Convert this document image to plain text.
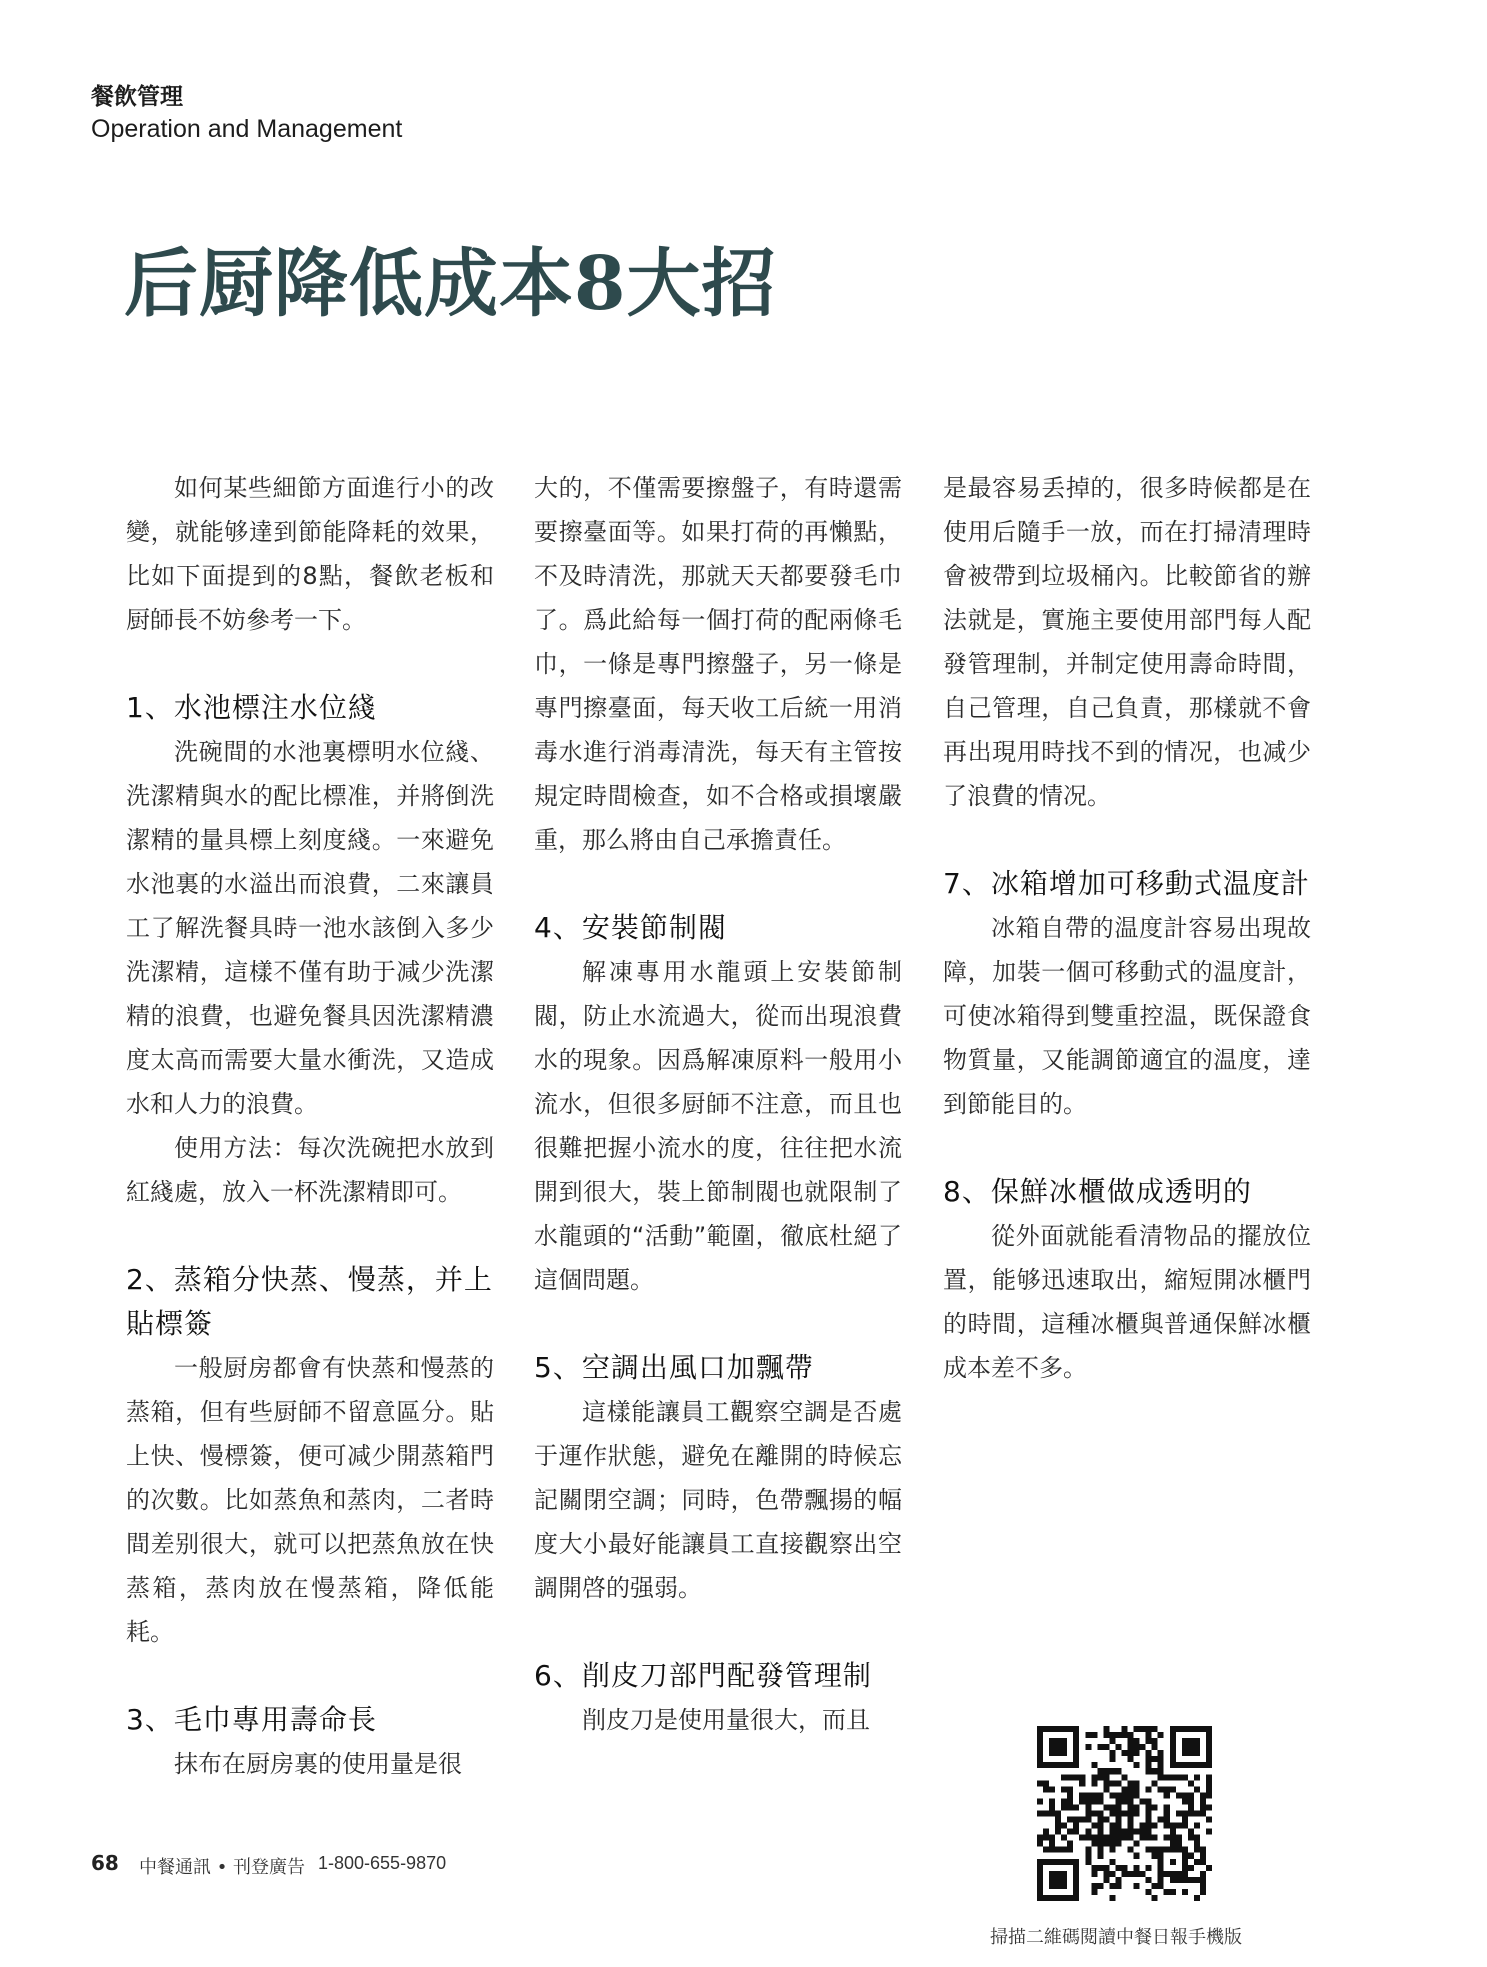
餐飲管理
Operation and Management
后厨降低成本8大招

如何某些細節方面進行小的改變，就能够達到節能降耗的效果，比如下面提到的8點，餐飲老板和厨師長不妨參考一下。

1、水池標注水位綫

洗碗間的水池裏標明水位綫、洗潔精與水的配比標准，并將倒洗潔精的量具標上刻度綫。一來避免水池裏的水溢出而浪費，二來讓員工了解洗餐具時一池水該倒入多少洗潔精，這樣不僅有助于减少洗潔精的浪費，也避免餐具因洗潔精濃度太高而需要大量水衝洗，又造成水和人力的浪費。

使用方法：每次洗碗把水放到紅綫處，放入一杯洗潔精即可。

2、蒸箱分快蒸、慢蒸，并上貼標簽

一般厨房都會有快蒸和慢蒸的蒸箱，但有些厨師不留意區分。貼上快、慢標簽，便可减少開蒸箱門的次數。比如蒸魚和蒸肉，二者時間差别很大，就可以把蒸魚放在快蒸箱，蒸肉放在慢蒸箱，降低能耗。

3、毛巾專用壽命長

抹布在厨房裏的使用量是很

大的，不僅需要擦盤子，有時還需要擦臺面等。如果打荷的再懶點，不及時清洗，那就天天都要發毛巾了。爲此給每一個打荷的配兩條毛巾，一條是專門擦盤子，另一條是專門擦臺面，每天收工后統一用消毒水進行消毒清洗，每天有主管按規定時間檢查，如不合格或損壞嚴重，那么將由自己承擔責任。

4、安裝節制閥

解凍專用水龍頭上安裝節制閥，防止水流過大，從而出現浪費水的現象。因爲解凍原料一般用小流水，但很多厨師不注意，而且也很難把握小流水的度，往往把水流開到很大，裝上節制閥也就限制了水龍頭的“活動”範圍，徹底杜絕了這個問題。

5、空調出風口加飄帶

這樣能讓員工觀察空調是否處于運作狀態，避免在離開的時候忘記關閉空調；同時，色帶飄揚的幅度大小最好能讓員工直接觀察出空調開啓的强弱。

6、削皮刀部門配發管理制

削皮刀是使用量很大，而且

是最容易丢掉的，很多時候都是在使用后隨手一放，而在打掃清理時會被帶到垃圾桶內。比較節省的辦法就是，實施主要使用部門每人配發管理制，并制定使用壽命時間，自己管理，自己負責，那樣就不會再出現用時找不到的情况，也减少了浪費的情况。

7、冰箱增加可移動式温度計

冰箱自帶的温度計容易出現故障，加裝一個可移動式的温度計，可使冰箱得到雙重控温，既保證食物質量，又能調節適宜的温度，達到節能目的。

8、保鮮冰櫃做成透明的

從外面就能看清物品的擺放位置，能够迅速取出，縮短開冰櫃門的時間，這種冰櫃與普通保鮮冰櫃成本差不多。

掃描二維碼閱讀中餐日報手機版
68 中餐通訊 • 刊登廣告 1-800-655-9870
